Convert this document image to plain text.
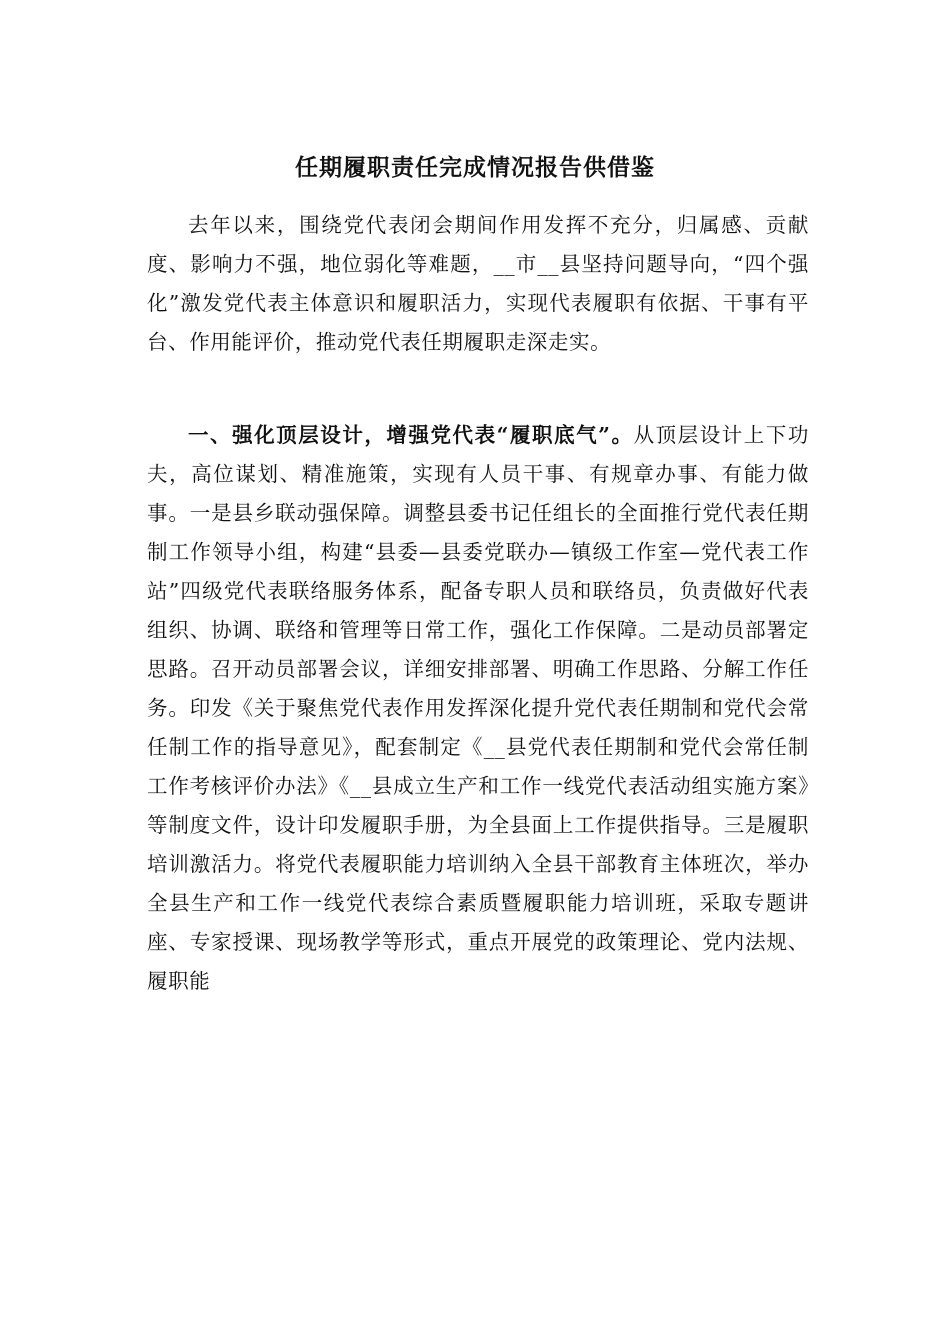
任期履职责任完成情况报告供借鉴

去年以来，围绕党代表闭会期间作用发挥不充分，归属感、贡献度、影响力不强，地位弱化等难题，__市__县坚持问题导向，“四个强化”激发党代表主体意识和履职活力，实现代表履职有依据、干事有平台、作用能评价，推动党代表任期履职走深走实。

一、强化顶层设计，增强党代表“履职底气”。从顶层设计上下功夫，高位谋划、精准施策，实现有人员干事、有规章办事、有能力做事。一是县乡联动强保障。调整县委书记任组长的全面推行党代表任期制工作领导小组，构建“县委—县委党联办—镇级工作室—党代表工作站”四级党代表联络服务体系，配备专职人员和联络员，负责做好代表组织、协调、联络和管理等日常工作，强化工作保障。二是动员部署定思路。召开动员部署会议，详细安排部署、明确工作思路、分解工作任务。印发《关于聚焦党代表作用发挥深化提升党代表任期制和党代会常任制工作的指导意见》，配套制定《__县党代表任期制和党代会常任制工作考核评价办法》《__县成立生产和工作一线党代表活动组实施方案》等制度文件，设计印发履职手册，为全县面上工作提供指导。三是履职培训激活力。将党代表履职能力培训纳入全县干部教育主体班次，举办全县生产和工作一线党代表综合素质暨履职能力培训班，采取专题讲座、专家授课、现场教学等形式，重点开展党的政策理论、党内法规、履职能
